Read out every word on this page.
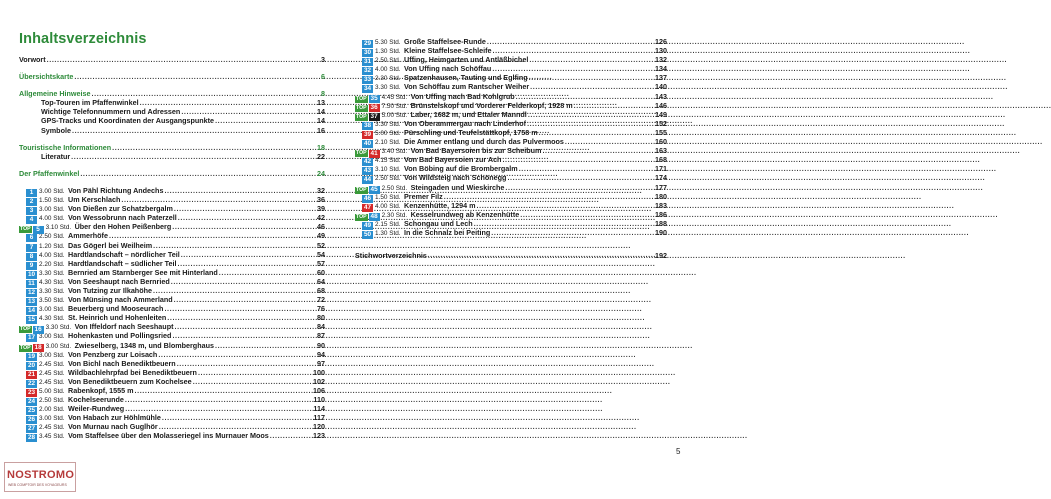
Inhaltsverzeichnis
Vorwort .....	3
Übersichtskarte .....	6
Allgemeine Hinweise .....	8
Top-Touren im Pfaffenwinkel .....	13
Wichtige Telefonnummern und Adressen .....	14
GPS-Tracks und Koordinaten der Ausgangspunkte .....	14
Symbole .....	16
Touristische Informationen .....	18
Literatur .....	22
Der Pfaffenwinkel .....	24
1 3.00 Std. Von Pähl Richtung Andechs .....	32
2 1.50 Std. Um Kerschlach .....	36
3 3.00 Std. Von Dießen zur Schatzbergalm .....	39
4 4.00 Std. Von Wessobrunn nach Paterzell .....	42
TOP 5 3.10 Std. Über den Hohen Peißenberg .....	46
6 2.50 Std. Ammerhöfe .....	49
7 1.20 Std. Das Gögerl bei Weilheim .....	52
8 4.00 Std. Hardtlandschaft – nördlicher Teil .....	54
9 2.20 Std. Hardtlandschaft – südlicher Teil .....	57
10 3.30 Std. Bernried am Starnberger See mit Hinterland .....	60
11 4.30 Std. Von Seeshaupt nach Bernried .....	64
12 3.30 Std. Von Tutzing zur Ilkahöhe .....	68
13 3.50 Std. Von Münsing nach Ammerland .....	72
14 3.00 Std. Beuerberg und Mooseurach .....	76
15 4.30 Std. St. Heinrich und Hohenleiten .....	80
TOP 16 3.30 Std. Von Iffeldorf nach Seeshaupt .....	84
17 3.00 Std. Hohenkasten und Pollingsried .....	87
TOP 18 3.00 Std. Zwieselberg, 1348 m, und Blomberghaus .....	90
19 3.00 Std. Von Penzberg zur Loisach .....	94
20 2.45 Std. Von Bichl nach Benediktbeuern .....	97
21 2.45 Std. Wildbachlehrpfad bei Benediktbeuern .....	100
22 2.45 Std. Von Benediktbeuern zum Kochelsee .....	102
23 5.00 Std. Rabenkopf, 1555 m .....	106
24 2.50 Std. Kochelseerunde .....	110
25 2.00 Std. Weiler-Rundweg .....	114
26 3.00 Std. Von Habach zur Höhlmühle .....	117
27 2.45 Std. Von Murnau nach Guglhör .....	120
28 3.45 Std. Vom Staffelsee über den Molasseriegel ins Murnauer Moos .....	123
29 5.30 Std. Große Staffelsee-Runde .....	126
30 1.30 Std. Kleine Staffelsee-Schleife .....	130
31 2.50 Std. Uffing, Heimgarten und Antläßbichel .....	132
32 4.00 Std. Von Uffing nach Schöffau .....	134
33 2.30 Std. Spatzenhausen, Tauting und Eglfing .....	137
34 3.30 Std. Von Schöffau zum Rantscher Weiher .....	140
TOP 35 4.45 Std. Von Uffing nach Bad Kohlgrub .....	143
TOP 36 7.50 Std. Brünstelskopf und Vorderer Felderkopf, 1928 m .....	146
TOP 37 5.00 Std. Laber, 1682 m, und Ettaler Manndl .....	149
38 3.30 Std. Von Oberammergau nach Linderhof .....	152
39 5.00 Std. Pürschling und Teufelstättkopf, 1758 m .....	155
40 2.10 Std. Die Ammer entlang und durch das Pulvermoos .....	160
TOP 41 3.40 Std. Von Bad Bayersoien bis zur Scheibum .....	163
42 4.15 Std. Von Bad Bayersoien zur Ach .....	168
43 3.10 Std. Von Böbing auf die Brombergalm .....	171
44 2.50 Std. Von Wildsteig nach Schönegg .....	174
TOP 45 2.50 Std. Steingaden und Wieskirche .....	177
46 1.50 Std. Premer Filz .....	180
47 4.00 Std. Kenzenhütte, 1294 m .....	183
TOP 48 2.30 Std. Kesselrundweg ab Kenzenhütte .....	186
49 2.15 Std. Schongau und Lech .....	188
50 1.30 Std. In die Schnalz bei Peiting .....	190
Stichwortverzeichnis .....	192
5
NOSTROMO
WEB COMPTOIR DES VOYAGEURS
